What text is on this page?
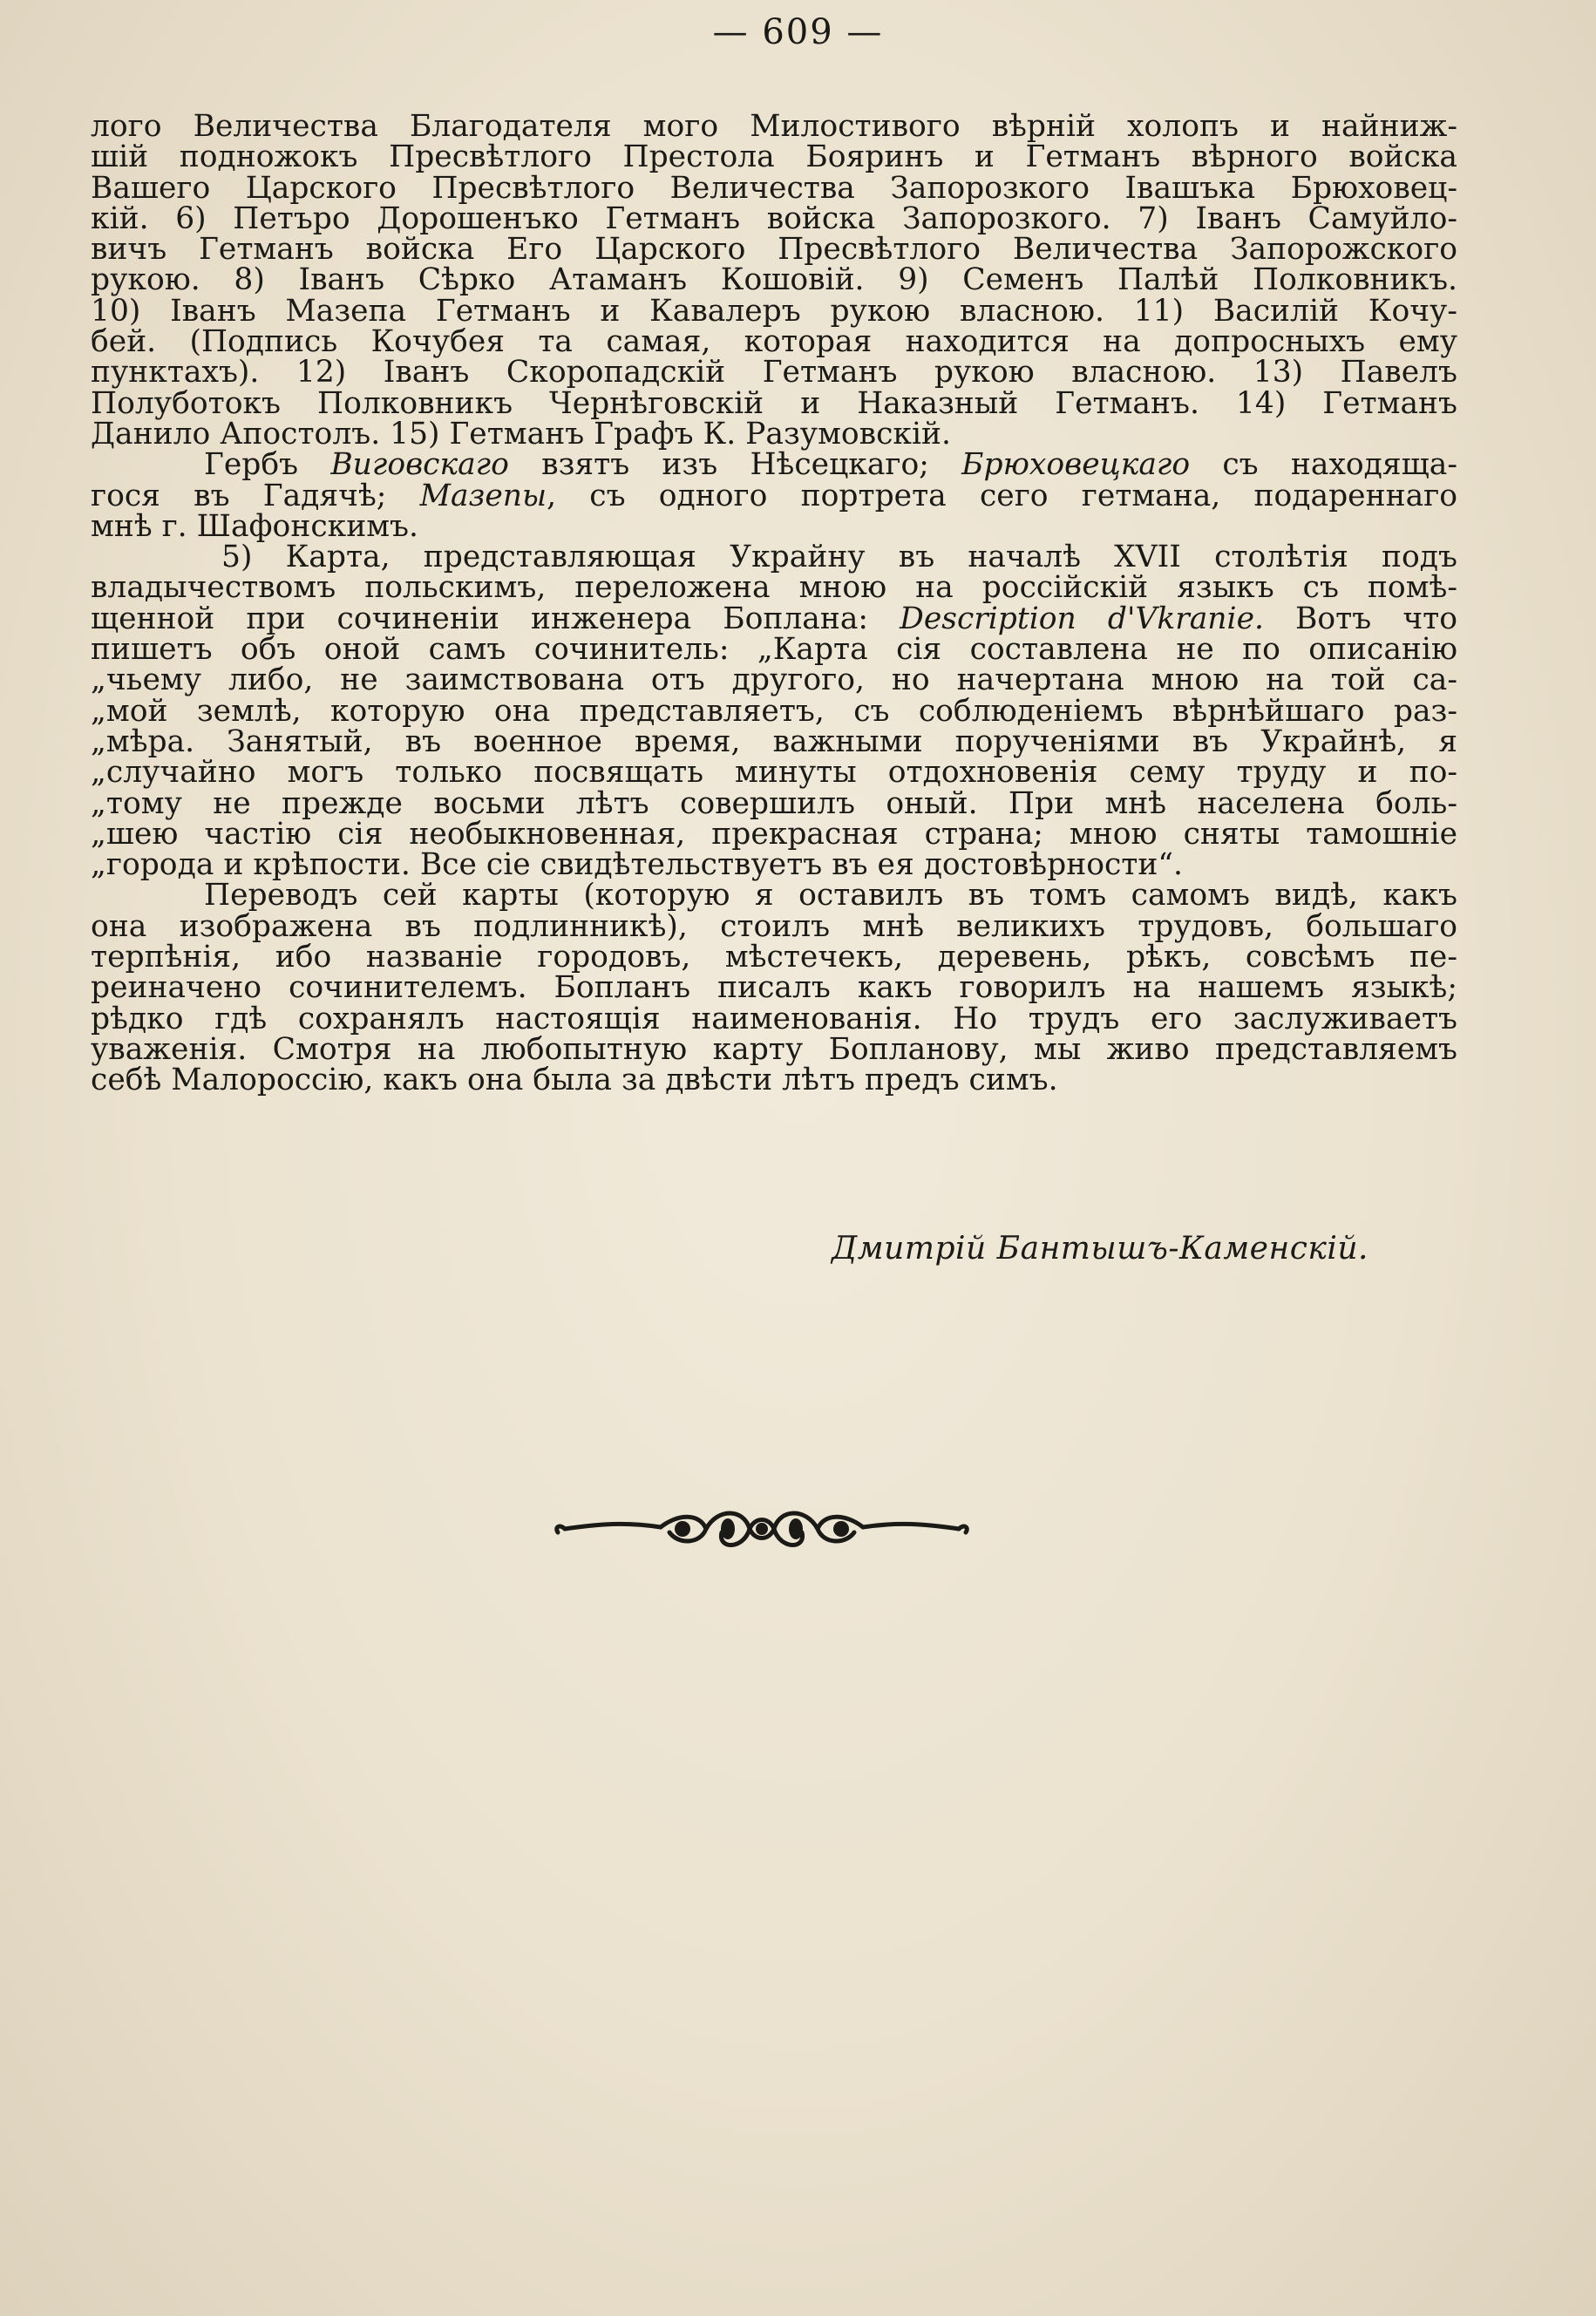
— 609 —

лого Величества Благодателя мого Милостивого вѣрній холопъ и найниж-

шій подножокъ Пресвѣтлого Престола Бояринъ и Гетманъ вѣрного войска

Вашего Царского Пресвѣтлого Величества Запорозкого Івашъка Брюховец-

кій. 6) Петъро Дорошенъко Гетманъ войска Запорозкого. 7) Іванъ Самуйло-

вичъ Гетманъ войска Его Царского Пресвѣтлого Величества Запорожского

рукою. 8) Іванъ Сѣрко Атаманъ Кошовій. 9) Семенъ Палѣй Полковникъ.

10) Іванъ Мазепа Гетманъ и Кавалеръ рукою власною. 11) Василій Кочу-

бей. (Подпись Кочубея та самая, которая находится на допросныхъ ему

пунктахъ). 12) Іванъ Скоропадскій Гетманъ рукою власною. 13) Павелъ

Полуботокъ Полковникъ Чернѣговскій и Наказный Гетманъ. 14) Гетманъ

Данило Апостолъ. 15) Гетманъ Графъ К. Разумовскій.

Гербъ Виговскаго взятъ изъ Нѣсецкаго; Брюховецкаго съ находяща-

гося въ Гадячѣ; Мазепы, съ одного портрета сего гетмана, подареннаго

мнѣ г. Шафонскимъ.

5) Карта, представляющая Украйну въ началѣ XVII столѣтія подъ

владычествомъ польскимъ, переложена мною на россійскій языкъ съ помѣ-

щенной при сочиненіи инженера Боплана: Description d'Vkranie. Вотъ что

пишетъ объ оной самъ сочинитель: „Карта сія составлена не по описанію

„чьему либо, не заимствована отъ другого, но начертана мною на той са-

„мой землѣ, которую она представляетъ, съ соблюденіемъ вѣрнѣйшаго раз-

„мѣра. Занятый, въ военное время, важными порученіями въ Украйнѣ, я

„случайно могъ только посвящать минуты отдохновенія сему труду и по-

„тому не прежде восьми лѣтъ совершилъ оный. При мнѣ населена боль-

„шею частію сія необыкновенная, прекрасная страна; мною сняты тамошніе

„города и крѣпости. Все сіе свидѣтельствуетъ въ ея достовѣрности“.

Переводъ сей карты (которую я оставилъ въ томъ самомъ видѣ, какъ

она изображена въ подлинникѣ), стоилъ мнѣ великихъ трудовъ, большаго

терпѣнія, ибо названіе городовъ, мѣстечекъ, деревень, рѣкъ, совсѣмъ пе-

реиначено сочинителемъ. Бопланъ писалъ какъ говорилъ на нашемъ языкѣ;

рѣдко гдѣ сохранялъ настоящія наименованія. Но трудъ его заслуживаетъ

уваженія. Смотря на любопытную карту Бопланову, мы живо представляемъ

себѣ Малороссію, какъ она была за двѣсти лѣтъ предъ симъ.

Дмитрій Бантышъ-Каменскій.
